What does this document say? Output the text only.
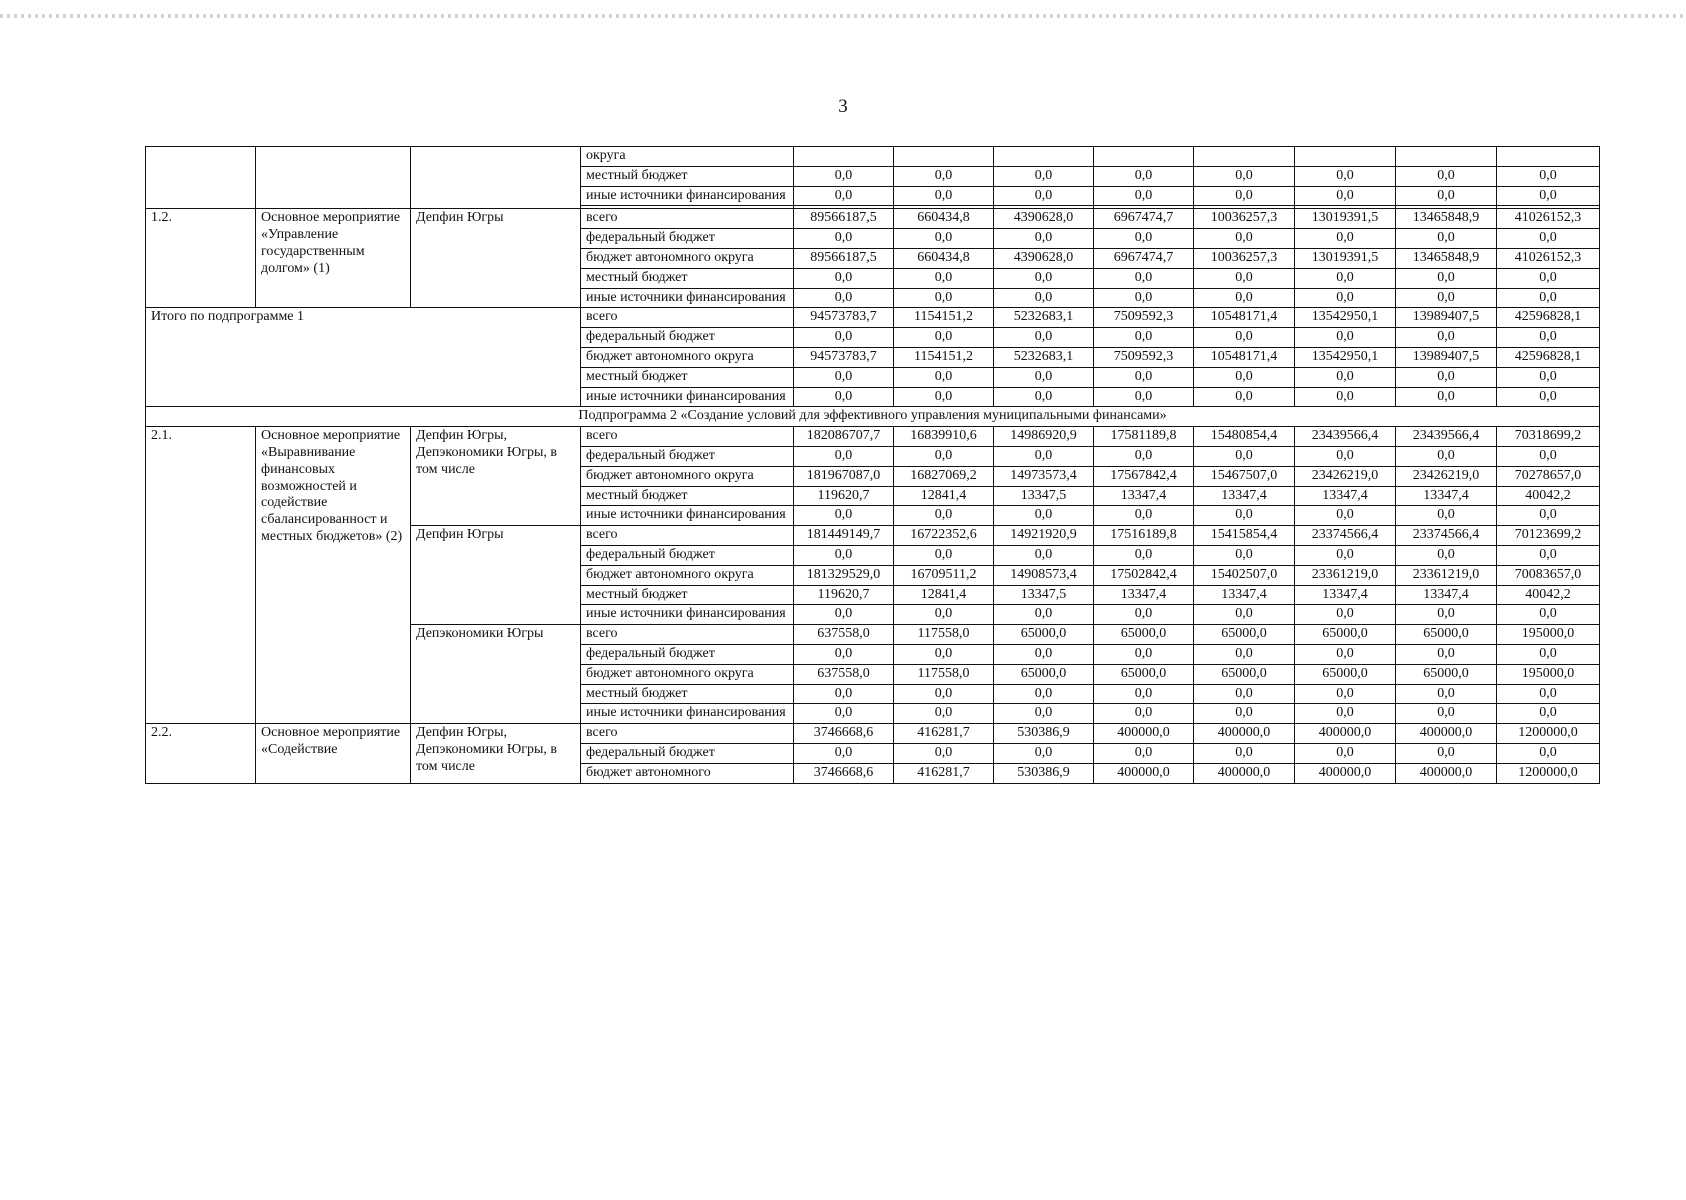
3
			округа								
			местный бюджет	0,0	0,0	0,0	0,0	0,0	0,0	0,0	0,0
			иные источники финансирования	0,0	0,0	0,0	0,0	0,0	0,0	0,0	0,0

1.2.	Основное мероприятие «Управление государственным долгом» (1)	Депфин Югры	всего	89566187,5	660434,8	4390628,0	6967474,7	10036257,3	13019391,5	13465848,9	41026152,3
			федеральный бюджет	0,0	0,0	0,0	0,0	0,0	0,0	0,0	0,0
			бюджет автономного округа	89566187,5	660434,8	4390628,0	6967474,7	10036257,3	13019391,5	13465848,9	41026152,3
			местный бюджет	0,0	0,0	0,0	0,0	0,0	0,0	0,0	0,0
			иные источники финансирования	0,0	0,0	0,0	0,0	0,0	0,0	0,0	0,0
Итого по подпрограмме 1			всего	94573783,7	1154151,2	5232683,1	7509592,3	10548171,4	13542950,1	13989407,5	42596828,1
			федеральный бюджет	0,0	0,0	0,0	0,0	0,0	0,0	0,0	0,0
			бюджет автономного округа	94573783,7	1154151,2	5232683,1	7509592,3	10548171,4	13542950,1	13989407,5	42596828,1
			местный бюджет	0,0	0,0	0,0	0,0	0,0	0,0	0,0	0,0
			иные источники финансирования	0,0	0,0	0,0	0,0	0,0	0,0	0,0	0,0
Подпрограмма 2 «Создание условий для эффективного управления муниципальными финансами»											
2.1.	Основное мероприятие «Выравнивание финансовых возможностей и содействие сбалансированност и местных бюджетов» (2)	Депфин Югры, Депэкономики Югры, в том числе	всего	182086707,7	16839910,6	14986920,9	17581189,8	15480854,4	23439566,4	23439566,4	70318699,2
			федеральный бюджет	0,0	0,0	0,0	0,0	0,0	0,0	0,0	0,0
			бюджет автономного округа	181967087,0	16827069,2	14973573,4	17567842,4	15467507,0	23426219,0	23426219,0	70278657,0
			местный бюджет	119620,7	12841,4	13347,5	13347,4	13347,4	13347,4	13347,4	40042,2
			иные источники финансирования	0,0	0,0	0,0	0,0	0,0	0,0	0,0	0,0
		Депфин Югры	всего	181449149,7	16722352,6	14921920,9	17516189,8	15415854,4	23374566,4	23374566,4	70123699,2
			федеральный бюджет	0,0	0,0	0,0	0,0	0,0	0,0	0,0	0,0
			бюджет автономного округа	181329529,0	16709511,2	14908573,4	17502842,4	15402507,0	23361219,0	23361219,0	70083657,0
			местный бюджет	119620,7	12841,4	13347,5	13347,4	13347,4	13347,4	13347,4	40042,2
			иные источники финансирования	0,0	0,0	0,0	0,0	0,0	0,0	0,0	0,0
		Депэкономики Югры	всего	637558,0	117558,0	65000,0	65000,0	65000,0	65000,0	65000,0	195000,0
			федеральный бюджет	0,0	0,0	0,0	0,0	0,0	0,0	0,0	0,0
			бюджет автономного округа	637558,0	117558,0	65000,0	65000,0	65000,0	65000,0	65000,0	195000,0
			местный бюджет	0,0	0,0	0,0	0,0	0,0	0,0	0,0	0,0
			иные источники финансирования	0,0	0,0	0,0	0,0	0,0	0,0	0,0	0,0
2.2.	Основное мероприятие «Содействие	Депфин Югры, Депэкономики Югры, в том числе	всего	3746668,6	416281,7	530386,9	400000,0	400000,0	400000,0	400000,0	1200000,0
			федеральный бюджет	0,0	0,0	0,0	0,0	0,0	0,0	0,0	0,0
			бюджет автономного	3746668,6	416281,7	530386,9	400000,0	400000,0	400000,0	400000,0	1200000,0
